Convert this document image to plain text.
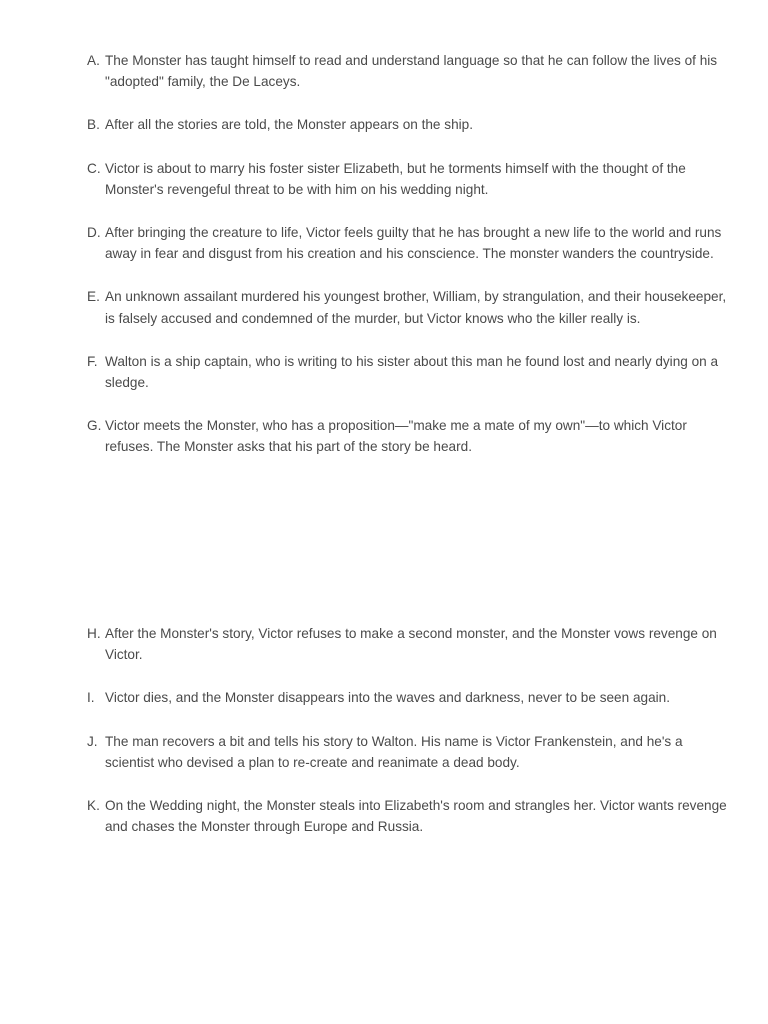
A. The Monster has taught himself to read and understand language so that he can follow the lives of his "adopted" family, the De Laceys.
B. After all the stories are told, the Monster appears on the ship.
C. Victor is about to marry his foster sister Elizabeth, but he torments himself with the thought of the Monster's revengeful threat to be with him on his wedding night.
D. After bringing the creature to life, Victor feels guilty that he has brought a new life to the world and runs away in fear and disgust from his creation and his conscience. The monster wanders the countryside.
E. An unknown assailant murdered his youngest brother, William, by strangulation, and their housekeeper, is falsely accused and condemned of the murder, but Victor knows who the killer really is.
F. Walton is a ship captain, who is writing to his sister about this man he found lost and nearly dying on a sledge.
G. Victor meets the Monster, who has a proposition—"make me a mate of my own"—to which Victor refuses. The Monster asks that his part of the story be heard.
H. After the Monster's story, Victor refuses to make a second monster, and the Monster vows revenge on Victor.
I. Victor dies, and the Monster disappears into the waves and darkness, never to be seen again.
J. The man recovers a bit and tells his story to Walton. His name is Victor Frankenstein, and he's a scientist who devised a plan to re-create and reanimate a dead body.
K. On the Wedding night, the Monster steals into Elizabeth's room and strangles her. Victor wants revenge and chases the Monster through Europe and Russia.
